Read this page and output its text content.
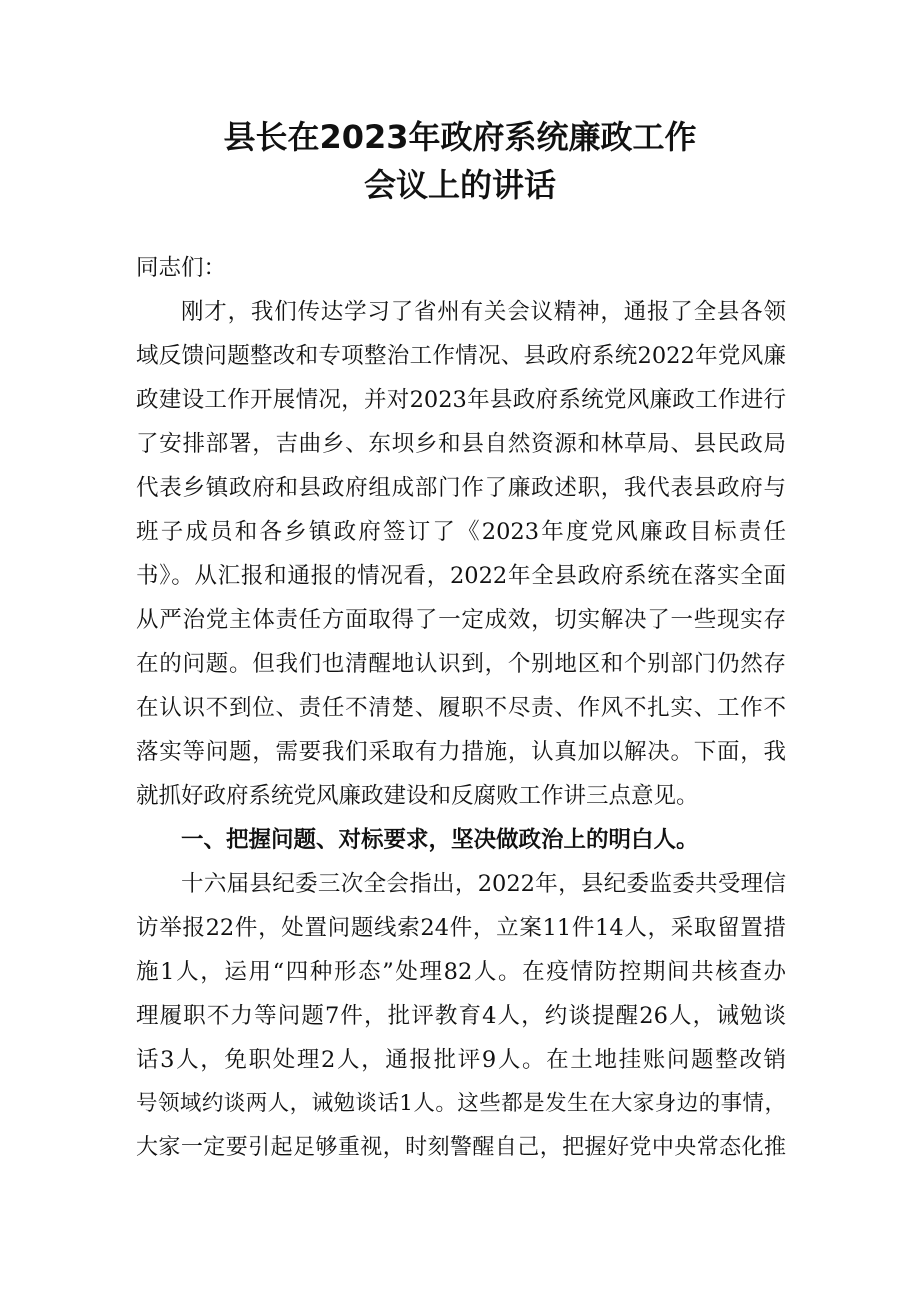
县长在2023年政府系统廉政工作
会议上的讲话

同志们：

刚才，我们传达学习了省州有关会议精神，通报了全县各领

域反馈问题整改和专项整治工作情况、县政府系统2022年党风廉

政建设工作开展情况，并对2023年县政府系统党风廉政工作进行

了安排部署，吉曲乡、东坝乡和县自然资源和林草局、县民政局

代表乡镇政府和县政府组成部门作了廉政述职，我代表县政府与

班子成员和各乡镇政府签订了《2023年度党风廉政目标责任

书》。从汇报和通报的情况看，2022年全县政府系统在落实全面

从严治党主体责任方面取得了一定成效，切实解决了一些现实存

在的问题。但我们也清醒地认识到，个别地区和个别部门仍然存

在认识不到位、责任不清楚、履职不尽责、作风不扎实、工作不

落实等问题，需要我们采取有力措施，认真加以解决。下面，我

就抓好政府系统党风廉政建设和反腐败工作讲三点意见。

一、把握问题、对标要求，坚决做政治上的明白人。

十六届县纪委三次全会指出，2022年，县纪委监委共受理信

访举报22件，处置问题线索24件，立案11件14人，采取留置措

施1人，运用“四种形态”处理82人。在疫情防控期间共核查办

理履职不力等问题7件，批评教育4人，约谈提醒26人，诫勉谈

话3人，免职处理2人，通报批评9人。在土地挂账问题整改销

号领域约谈两人，诫勉谈话1人。这些都是发生在大家身边的事情，

大家一定要引起足够重视，时刻警醒自己，把握好党中央常态化推
